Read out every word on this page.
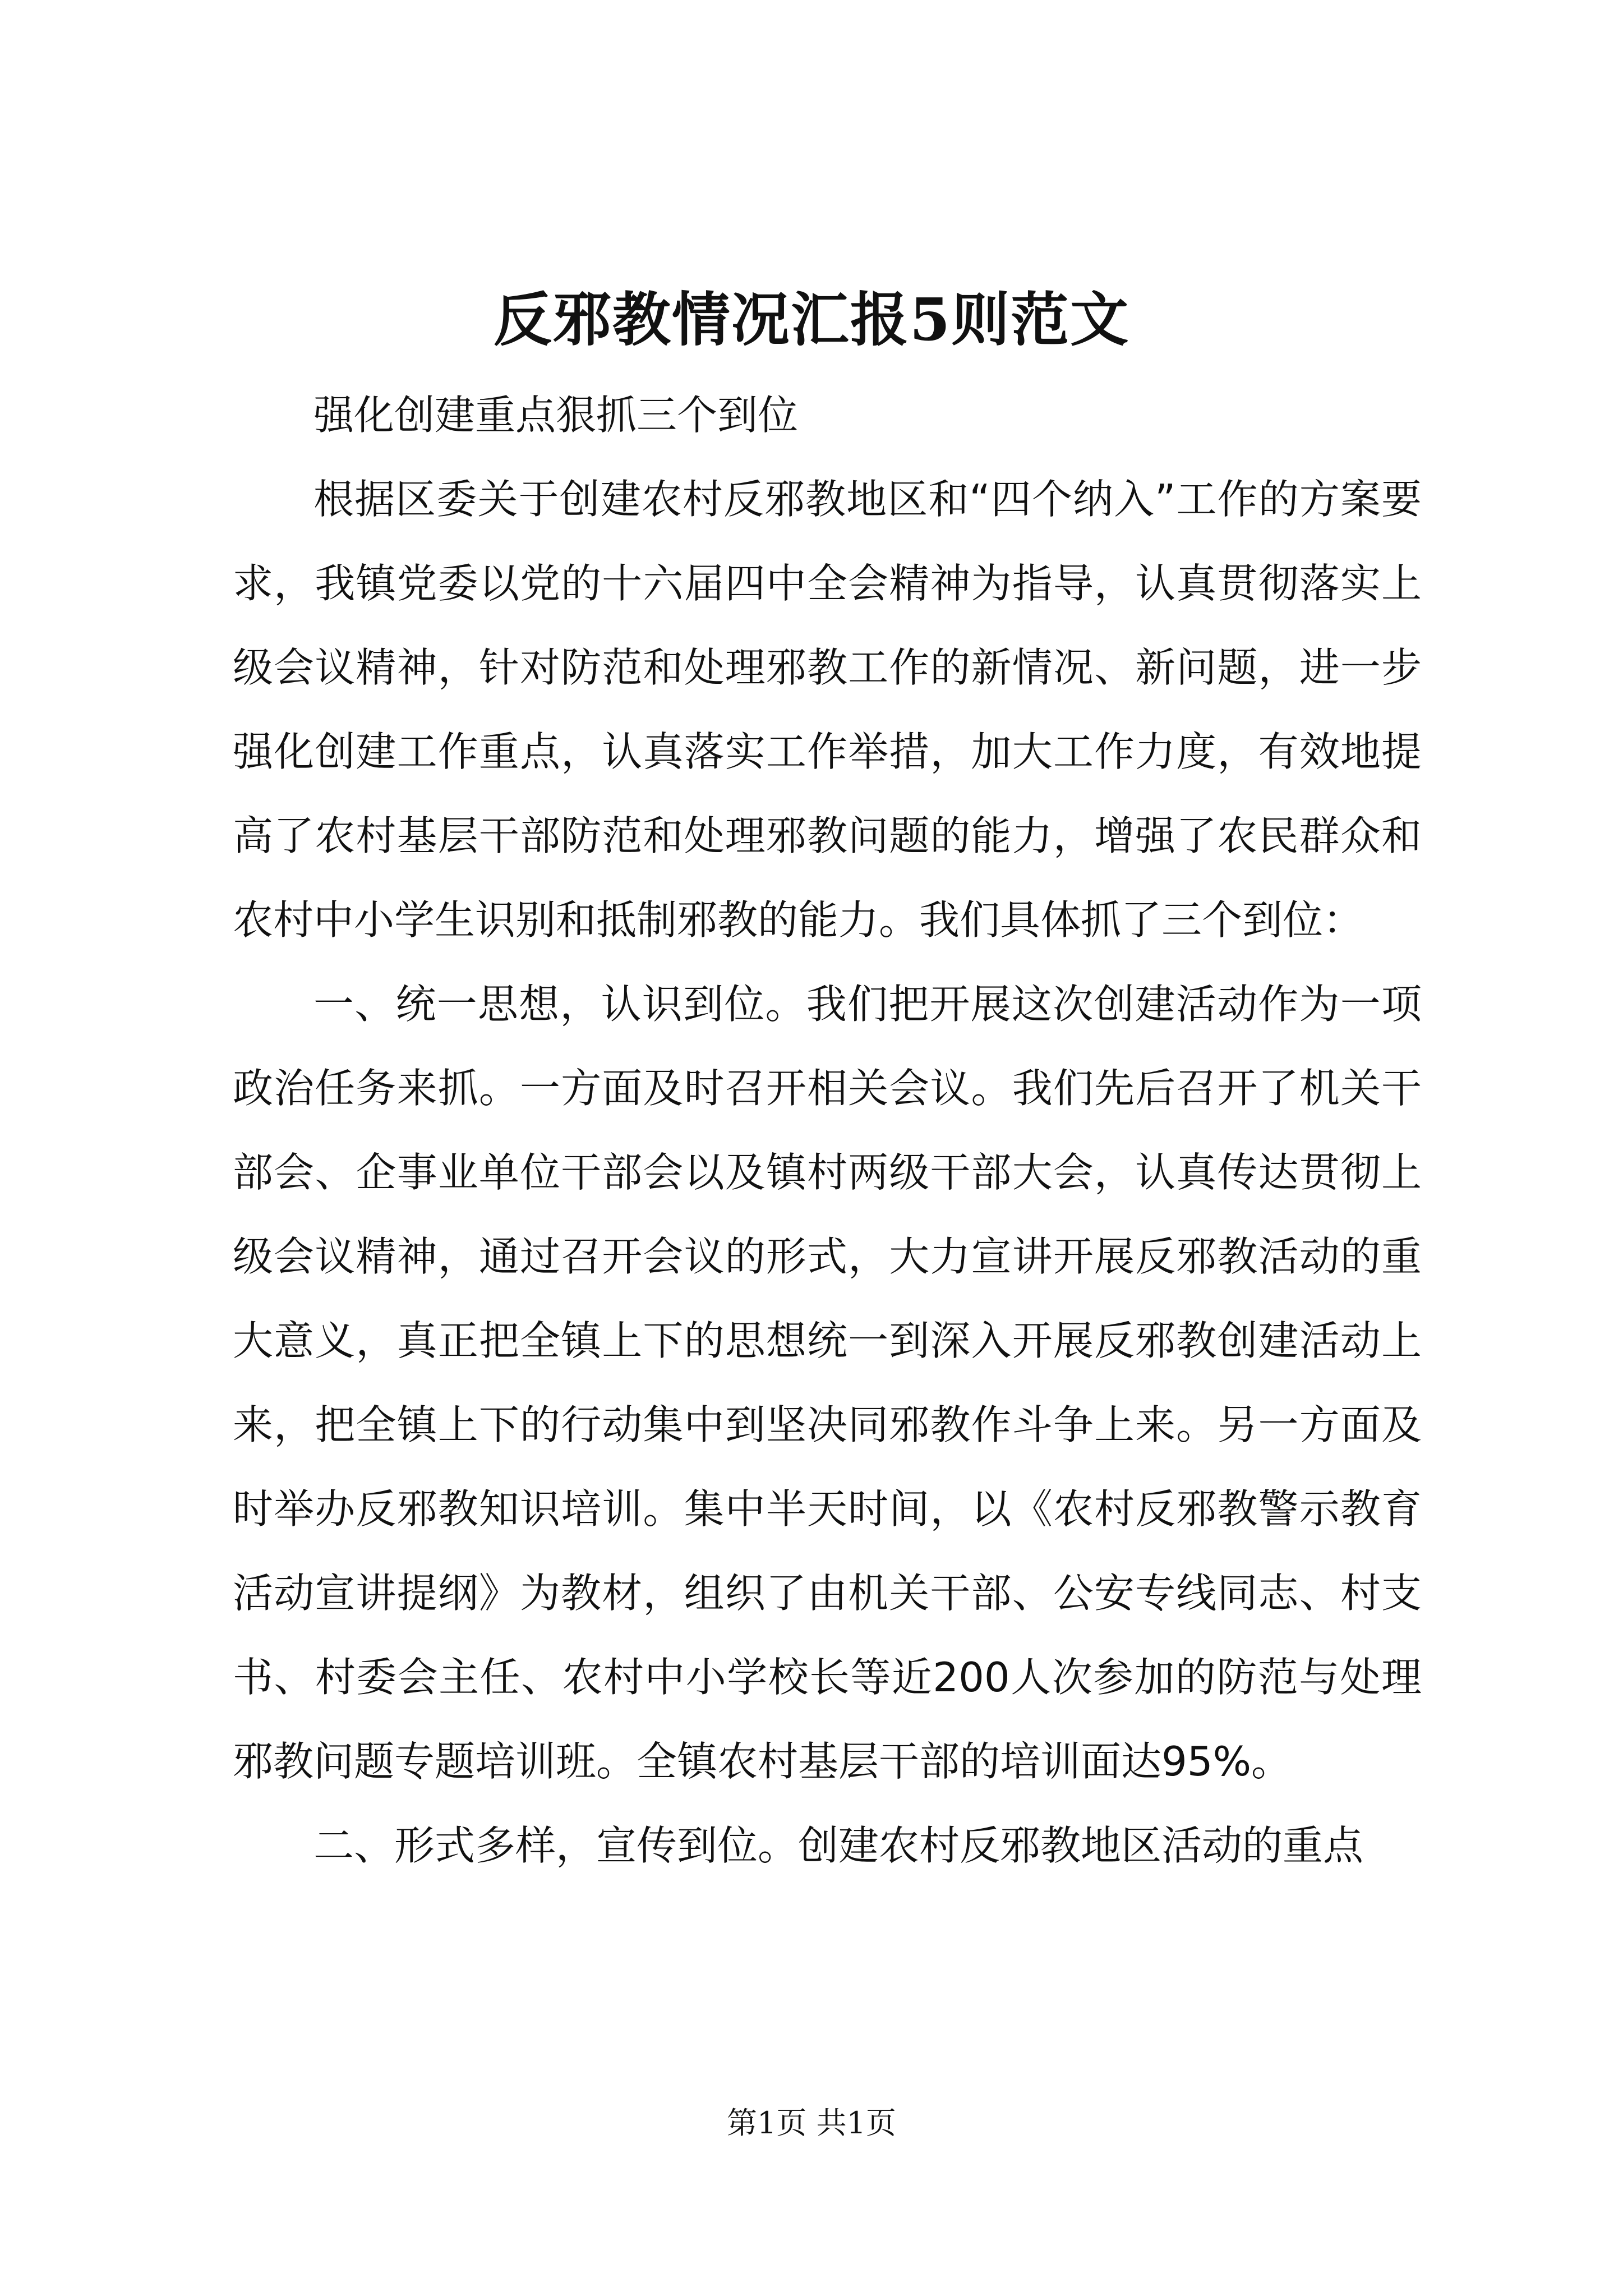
反邪教情况汇报5则范文

强化创建重点狠抓三个到位

根据区委关于创建农村反邪教地区和“四个纳入”工作的方案要求，我镇党委以党的十六届四中全会精神为指导，认真贯彻落实上级会议精神，针对防范和处理邪教工作的新情况、新问题，进一步强化创建工作重点，认真落实工作举措，加大工作力度，有效地提高了农村基层干部防范和处理邪教问题的能力，增强了农民群众和农村中小学生识别和抵制邪教的能力。我们具体抓了三个到位：

一、统一思想，认识到位。我们把开展这次创建活动作为一项政治任务来抓。一方面及时召开相关会议。我们先后召开了机关干部会、企事业单位干部会以及镇村两级干部大会，认真传达贯彻上级会议精神，通过召开会议的形式，大力宣讲开展反邪教活动的重大意义，真正把全镇上下的思想统一到深入开展反邪教创建活动上来，把全镇上下的行动集中到坚决同邪教作斗争上来。另一方面及时举办反邪教知识培训。集中半天时间，以《农村反邪教警示教育活动宣讲提纲》为教材，组织了由机关干部、公安专线同志、村支书、村委会主任、农村中小学校长等近200人次参加的防范与处理邪教问题专题培训班。全镇农村基层干部的培训面达95%。

二、形式多样，宣传到位。创建农村反邪教地区活动的重点

第1页 共1页
